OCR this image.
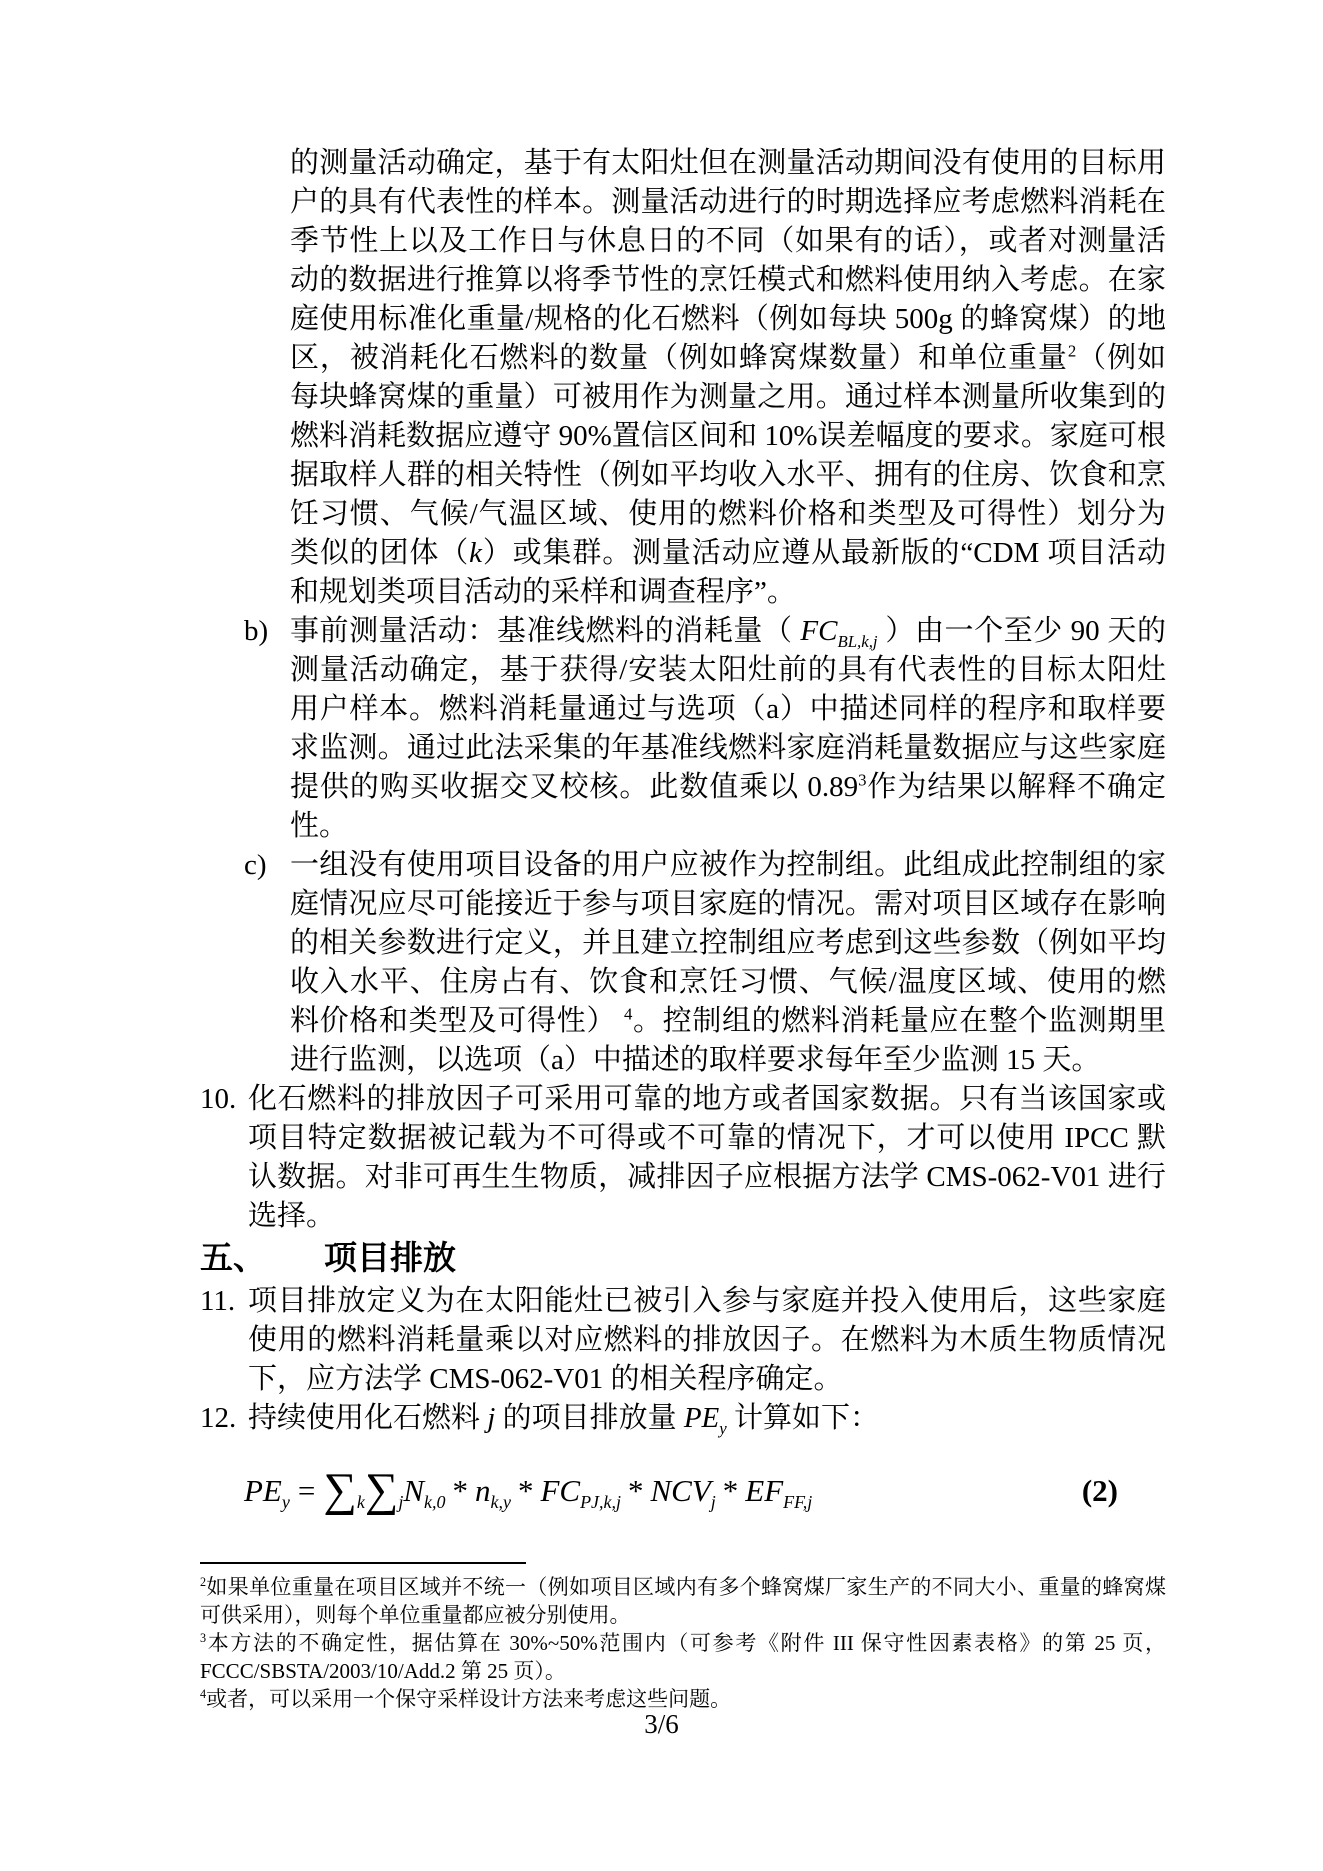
的测量活动确定，基于有太阳灶但在测量活动期间没有使用的目标用户的具有代表性的样本。测量活动进行的时期选择应考虑燃料消耗在季节性上以及工作日与休息日的不同（如果有的话），或者对测量活动的数据进行推算以将季节性的烹饪模式和燃料使用纳入考虑。在家庭使用标准化重量/规格的化石燃料（例如每块 500g 的蜂窝煤）的地区，被消耗化石燃料的数量（例如蜂窝煤数量）和单位重量$^2$（例如每块蜂窝煤的重量）可被用作为测量之用。通过样本测量所收集到的燃料消耗数据应遵守 90%置信区间和 10%误差幅度的要求。家庭可根据取样人群的相关特性（例如平均收入水平、拥有的住房、饮食和烹饪习惯、气候/气温区域、使用的燃料价格和类型及可得性）划分为类似的团体（k）或集群。测量活动应遵从最新版的“CDM 项目活动和规划类项目活动的采样和调查程序”。

b) 事前测量活动：基准线燃料的消耗量（ $FC_{BL,k,j}$ ）由一个至少 90 天的测量活动确定，基于获得/安装太阳灶前的具有代表性的目标太阳灶用户样本。燃料消耗量通过与选项（a）中描述同样的程序和取样要求监测。通过此法采集的年基准线燃料家庭消耗量数据应与这些家庭提供的购买收据交叉校核。此数值乘以 0.89$^3$作为结果以解释不确定性。

c) 一组没有使用项目设备的用户应被作为控制组。此组成此控制组的家庭情况应尽可能接近于参与项目家庭的情况。需对项目区域存在影响的相关参数进行定义，并且建立控制组应考虑到这些参数（例如平均收入水平、住房占有、饮食和烹饪习惯、气候/温度区域、使用的燃料价格和类型及可得性） $^4$。控制组的燃料消耗量应在整个监测期里进行监测，以选项（a）中描述的取样要求每年至少监测 15 天。

10. 化石燃料的排放因子可采用可靠的地方或者国家数据。只有当该国家或项目特定数据被记载为不可得或不可靠的情况下，才可以使用 IPCC 默认数据。对非可再生生物质，减排因子应根据方法学 CMS-062-V01 进行选择。

五、 项目排放

11. 项目排放定义为在太阳能灶已被引入参与家庭并投入使用后，这些家庭使用的燃料消耗量乘以对应燃料的排放因子。在燃料为木质生物质情况下，应方法学 CMS-062-V01 的相关程序确定。

12. 持续使用化石燃料 j 的项目排放量 $PE_y$ 计算如下：

$PE_y = \sum_k\sum_jN_{k,0} * n_{k,y} * FC_{PJ,k,j} * NCV_j * EF_{FF,j}$	(2)

$^2$如果单位重量在项目区域并不统一（例如项目区域内有多个蜂窝煤厂家生产的不同大小、重量的蜂窝煤可供采用），则每个单位重量都应被分别使用。

$^3$本方法的不确定性，据估算在 30%~50%范围内（可参考《附件 III 保守性因素表格》的第 25 页，FCCC/SBSTA/2003/10/Add.2 第 25 页）。

$^4$或者，可以采用一个保守采样设计方法来考虑这些问题。

3/6
